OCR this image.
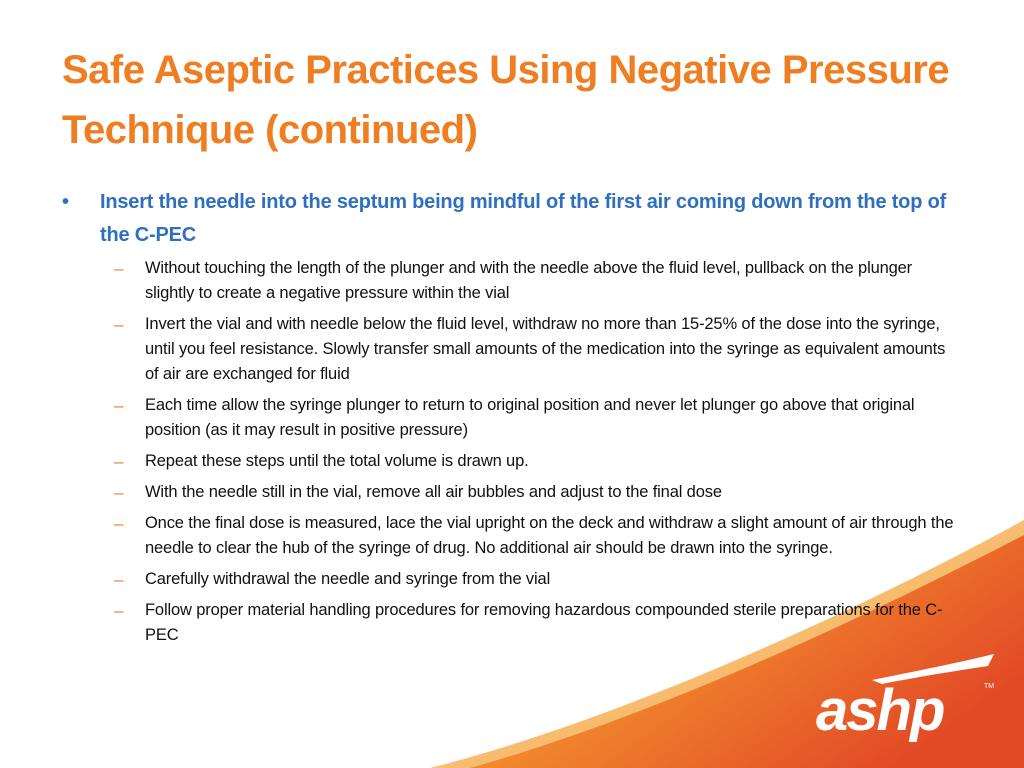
Safe Aseptic Practices Using Negative Pressure Technique (continued)
• Insert the needle into the septum being mindful of the first air coming down from the top of the C-PEC
– Without touching the length of the plunger and with the needle above the fluid level, pullback on the plunger slightly to create a negative pressure within the vial
– Invert the vial and with needle below the fluid level, withdraw no more than 15-25% of the dose into the syringe, until you feel resistance. Slowly transfer small amounts of the medication into the syringe as equivalent amounts of air are exchanged for fluid
– Each time allow the syringe plunger to return to original position and never let plunger go above that original position (as it may result in positive pressure)
– Repeat these steps until the total volume is drawn up.
– With the needle still in the vial, remove all air bubbles and adjust to the final dose
– Once the final dose is measured, lace the vial upright on the deck and withdraw a slight amount of air through the needle to clear the hub of the syringe of drug. No additional air should be drawn into the syringe.
– Carefully withdrawal the needle and syringe from the vial
– Follow proper material handling procedures for removing hazardous compounded sterile preparations for the C-PEC
ashp	TM
